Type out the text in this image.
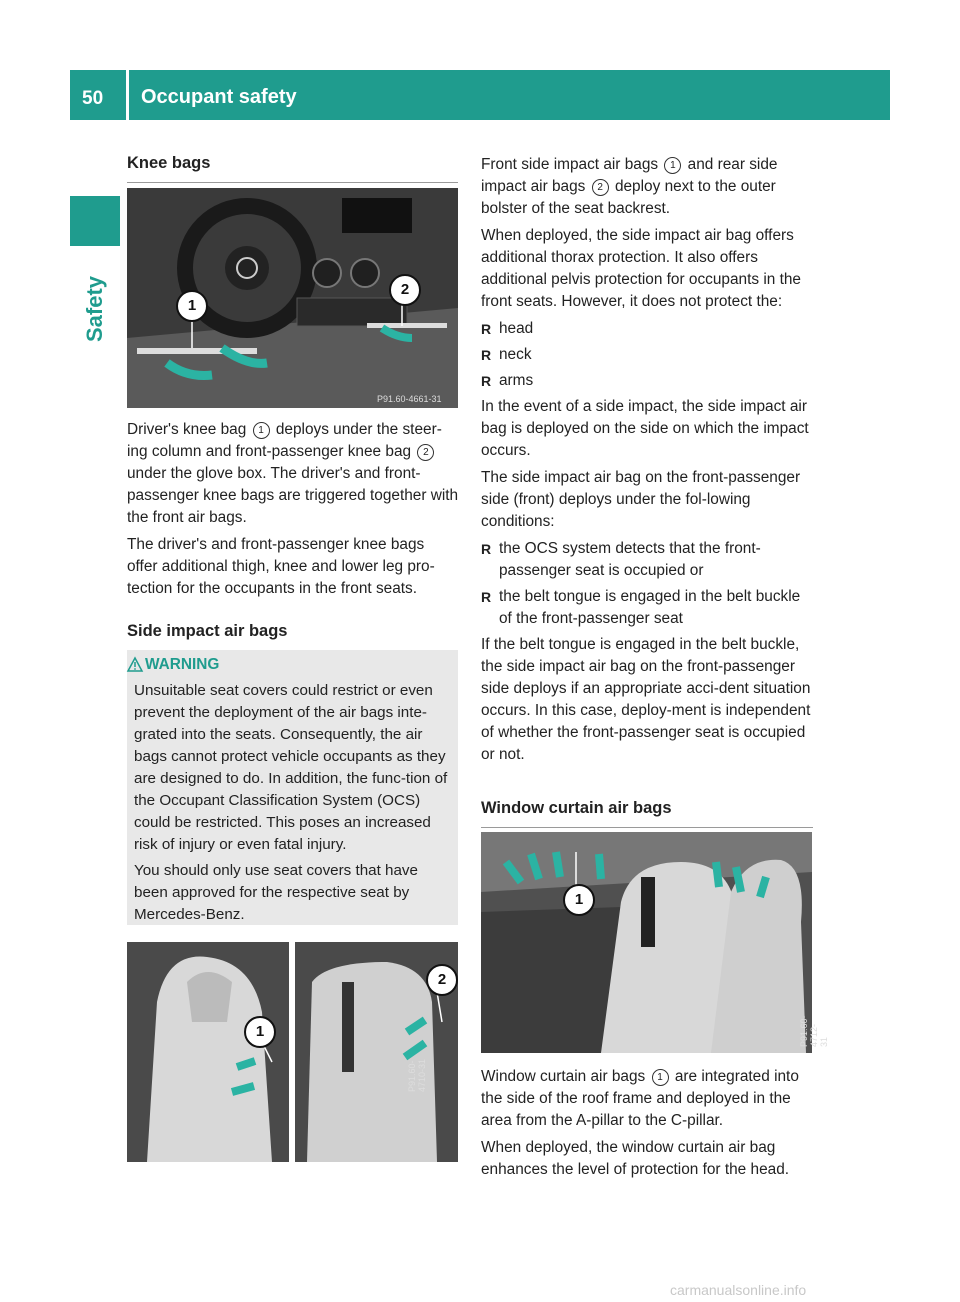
50 Occupant safety
Safety
Knee bags
1
2
P91.60-4661-31

Driver's knee bag 1 deploys under the steer-ing column and front-passenger knee bag 2 under the glove box. The driver's and front-passenger knee bags are triggered together with the front air bags.

The driver's and front-passenger knee bags offer additional thigh, knee and lower leg pro-tection for the occupants in the front seats.

Side impact air bags
WARNING

Unsuitable seat covers could restrict or even prevent the deployment of the air bags inte-grated into the seats. Consequently, the air bags cannot protect vehicle occupants as they are designed to do. In addition, the func-tion of the Occupant Classification System (OCS) could be restricted. This poses an increased risk of injury or even fatal injury.

You should only use seat covers that have been approved for the respective seat by Mercedes-Benz.

1
2
P91.60-4710-31

Front side impact air bags 1 and rear side impact air bags 2 deploy next to the outer bolster of the seat backrest.

When deployed, the side impact air bag offers additional thorax protection. It also offers additional pelvis protection for occupants in the front seats. However, it does not protect the:

R head
R neck
R arms

In the event of a side impact, the side impact air bag is deployed on the side on which the impact occurs.

The side impact air bag on the front-passenger side (front) deploys under the fol-lowing conditions:

R the OCS system detects that the front-passenger seat is occupied or
R the belt tongue is engaged in the belt buckle of the front-passenger seat

If the belt tongue is engaged in the belt buckle, the side impact air bag on the front-passenger side deploys if an appropriate acci-dent situation occurs. In this case, deploy-ment is independent of whether the front-passenger seat is occupied or not.

Window curtain air bags
1
P91.60-4712-31

Window curtain air bags 1 are integrated into the side of the roof frame and deployed in the area from the A-pillar to the C-pillar.

When deployed, the window curtain air bag enhances the level of protection for the head.

carmanualsonline.info
